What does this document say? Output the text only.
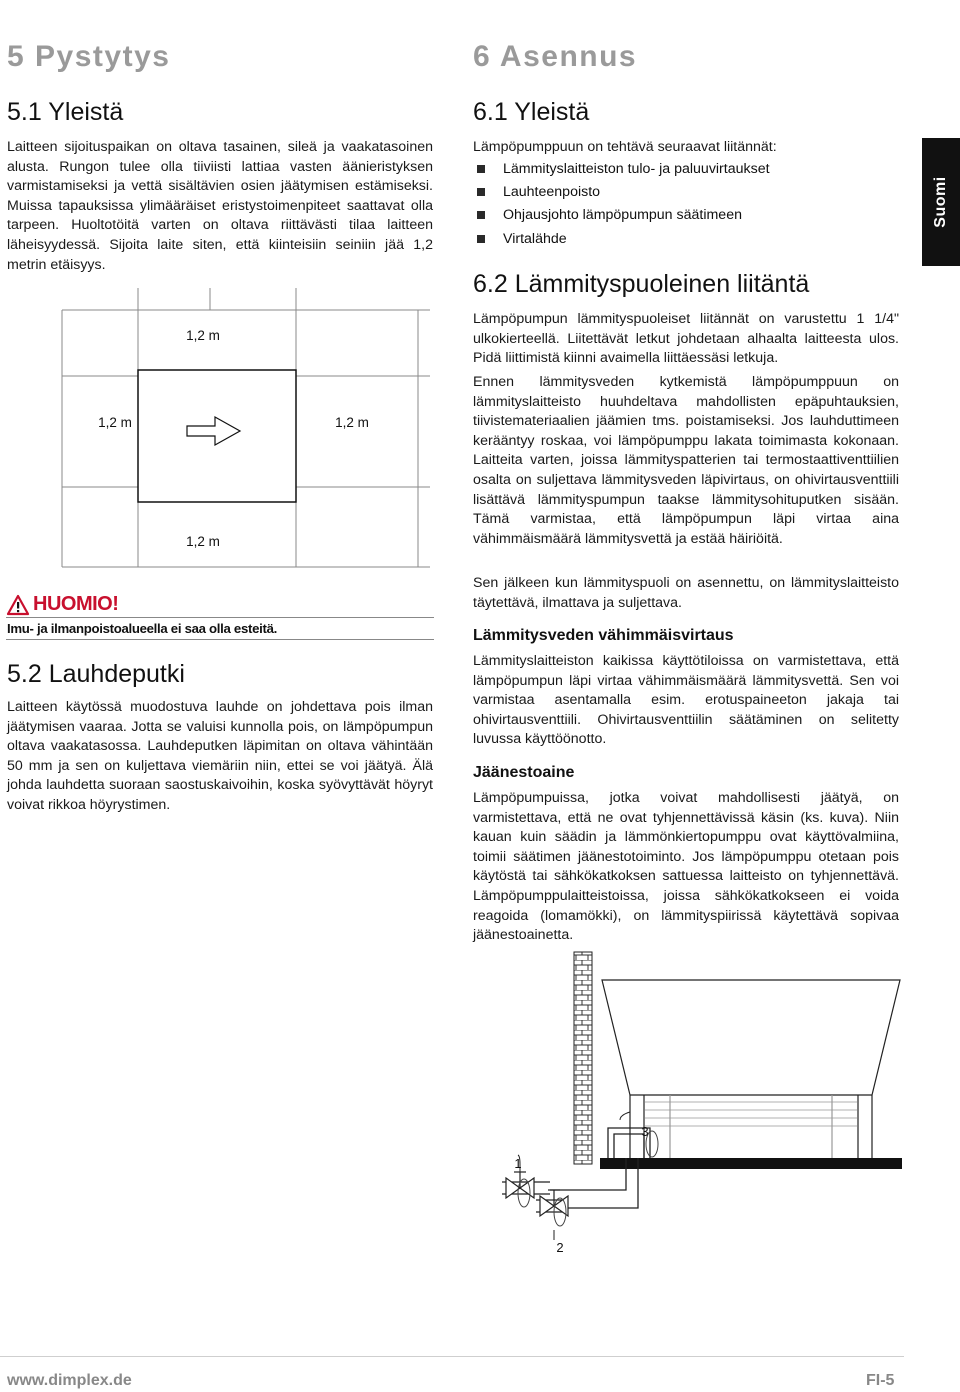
Suomi
5 Pystytys
5.1 Yleistä

Laitteen sijoituspaikan on oltava tasainen, sileä ja vaakatasoinen alusta. Rungon tulee olla tiiviisti lattiaa vasten äänieristyksen varmistamiseksi ja vettä sisältävien osien jäätymisen estämiseksi. Muissa tapauksissa ylimääräiset eristystoimenpiteet saattavat olla tarpeen. Huoltotöitä varten on oltava riittävästi tilaa laitteen läheisyydessä. Sijoita laite siten, että kiinteisiin seiniin jää 1,2 metrin etäisyys.

1,2 m
1,2 m	1,2 m
1,2 m
HUOMIO!
Imu- ja ilmanpoistoalueella ei saa olla esteitä.
5.2 Lauhdeputki

Laitteen käytössä muodostuva lauhde on johdettava pois ilman jäätymisen vaaraa. Jotta se valuisi kunnolla pois, on lämpöpumpun oltava vaakatasossa. Lauhdeputken läpimitan on oltava vähintään 50 mm ja sen on kuljettava viemäriin niin, ettei se voi jäätyä. Älä johda lauhdetta suoraan saostuskaivoihin, koska syövyttävät höyryt voivat rikkoa höyrystimen.

6 Asennus
6.1 Yleistä

Lämpöpumppuun on tehtävä seuraavat liitännät:

Lämmityslaitteiston tulo- ja paluuvirtaukset
Lauhteenpoisto
Ohjausjohto lämpöpumpun säätimeen
Virtalähde
6.2 Lämmityspuoleinen liitäntä

Lämpöpumpun lämmityspuoleiset liitännät on varustettu 1 1/4" ulkokierteellä. Liitettävät letkut johdetaan alhaalta laitteesta ulos. Pidä liittimistä kiinni avaimella liittäessäsi letkuja.

Ennen lämmitysveden kytkemistä lämpöpumppuun on lämmityslaitteisto huuhdeltava mahdollisten epäpuhtauksien, tiivistemateriaalien jäämien tms. poistamiseksi. Jos lauhduttimeen kerääntyy roskaa, voi lämpöpumppu lakata toimimasta kokonaan. Laitteita varten, joissa lämmityspatterien tai termostaattiventtiilien osalta on suljettava lämmitysveden läpivirtaus, on ohivirtausventtiili lisättävä lämmityspumpun taakse lämmitysohituputken sisään. Tämä varmistaa, että lämpöpumpun läpi virtaa aina vähimmäismäärä lämmitysvettä ja estää häiriöitä.

Sen jälkeen kun lämmityspuoli on asennettu, on lämmityslaitteisto täytettävä, ilmattava ja suljettava.

Lämmitysveden vähimmäisvirtaus

Lämmityslaitteiston kaikissa käyttötiloissa on varmistettava, että lämpöpumpun läpi virtaa vähimmäismäärä lämmitysvettä. Sen voi varmistaa asentamalla esim. erotuspaineeton jakaja tai ohivirtausventtiili. Ohivirtausventtiilin säätäminen on selitetty luvussa käyttöönotto.

Jäänestoaine

Lämpöpumpuissa, jotka voivat mahdollisesti jäätyä, on varmistettava, että ne ovat tyhjennettävissä käsin (ks. kuva). Niin kauan kuin säädin ja lämmönkiertopumppu ovat käyttövalmiina, toimii säätimen jäänestotoiminto. Jos lämpöpumppu otetaan pois käytöstä tai sähkökatkoksen sattuessa laitteisto on tyhjennettävä. Lämpöpumppulaitteistoissa, joissa sähkökatkokseen ei voida reagoida (lomamökki), on lämmityspiirissä käytettävä sopivaa jäänestoainetta.

1
2
3
www.dimplex.de	FI-5
